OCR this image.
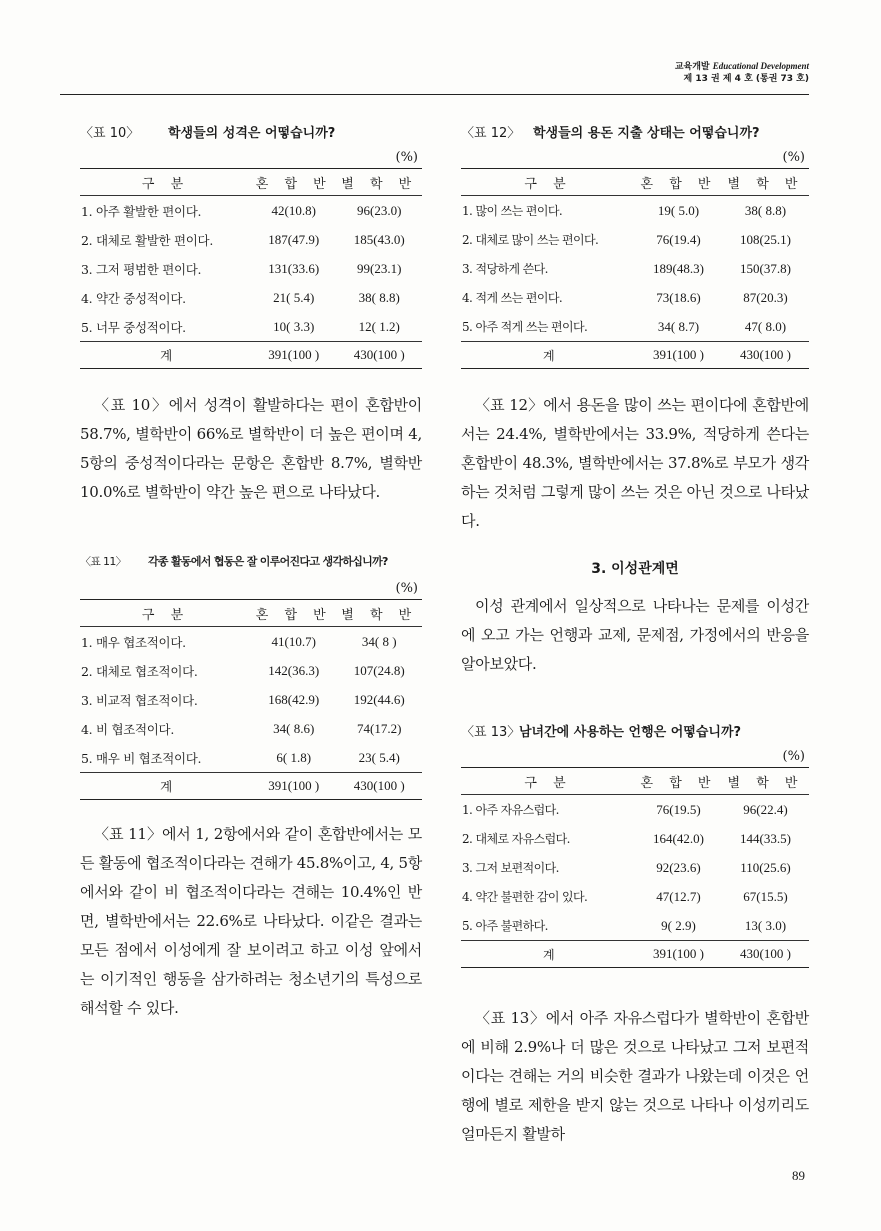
교육개발 Educational Development
제 13 권 제 4 호 (통권 73 호)
〈표 10〉 학생들의 성격은 어떻습니까?
(%)
구 분	혼 합 반	별 학 반
1. 아주 활발한 편이다.	42(10.8)	96(23.0)
2. 대체로 활발한 편이다.	187(47.9)	185(43.0)
3. 그저 평범한 편이다.	131(33.6)	99(23.1)
4. 약간 중성적이다.	21( 5.4)	38( 8.8)
5. 너무 중성적이다.	10( 3.3)	12( 1.2)
계	391(100 )	430(100 )

〈표 10〉에서 성격이 활발하다는 편이 혼합반이 58.7%, 별학반이 66%로 별학반이 더 높은 편이며 4, 5항의 중성적이다라는 문항은 혼합반 8.7%, 별학반 10.0%로 별학반이 약간 높은 편으로 나타났다.

〈표 11〉 각종 활동에서 협동은 잘 이루어진다고 생각하십니까?
(%)
구 분	혼 합 반	별 학 반
1. 매우 협조적이다.	41(10.7)	34( 8 )
2. 대체로 협조적이다.	142(36.3)	107(24.8)
3. 비교적 협조적이다.	168(42.9)	192(44.6)
4. 비 협조적이다.	34( 8.6)	74(17.2)
5. 매우 비 협조적이다.	6( 1.8)	23( 5.4)
계	391(100 )	430(100 )

〈표 11〉에서 1, 2항에서와 같이 혼합반에서는 모든 활동에 협조적이다라는 견해가 45.8%이고, 4, 5항에서와 같이 비 협조적이다라는 견해는 10.4%인 반면, 별학반에서는 22.6%로 나타났다. 이같은 결과는 모든 점에서 이성에게 잘 보이려고 하고 이성 앞에서는 이기적인 행동을 삼가하려는 청소년기의 특성으로 해석할 수 있다.

〈표 12〉 학생들의 용돈 지출 상태는 어떻습니까?
(%)
구 분	혼 합 반	별 학 반
1. 많이 쓰는 편이다.	19( 5.0)	38( 8.8)
2. 대체로 많이 쓰는 편이다.	76(19.4)	108(25.1)
3. 적당하게 쓴다.	189(48.3)	150(37.8)
4. 적게 쓰는 편이다.	73(18.6)	87(20.3)
5. 아주 적게 쓰는 편이다.	34( 8.7)	47( 8.0)
계	391(100 )	430(100 )

〈표 12〉에서 용돈을 많이 쓰는 편이다에 혼합반에서는 24.4%, 별학반에서는 33.9%, 적당하게 쓴다는 혼합반이 48.3%, 별학반에서는 37.8%로 부모가 생각하는 것처럼 그렇게 많이 쓰는 것은 아닌 것으로 나타났다.

3. 이성관계면

이성 관계에서 일상적으로 나타나는 문제를 이성간에 오고 가는 언행과 교제, 문제점, 가정에서의 반응을 알아보았다.

〈표 13〉남녀간에 사용하는 언행은 어떻습니까?
(%)
구 분	혼 합 반	별 학 반
1. 아주 자유스럽다.	76(19.5)	96(22.4)
2. 대체로 자유스럽다.	164(42.0)	144(33.5)
3. 그저 보편적이다.	92(23.6)	110(25.6)
4. 약간 불편한 감이 있다.	47(12.7)	67(15.5)
5. 아주 불편하다.	9( 2.9)	13( 3.0)
계	391(100 )	430(100 )

〈표 13〉에서 아주 자유스럽다가 별학반이 혼합반에 비해 2.9%나 더 많은 것으로 나타났고 그저 보편적이다는 견해는 거의 비슷한 결과가 나왔는데 이것은 언행에 별로 제한을 받지 않는 것으로 나타나 이성끼리도 얼마든지 활발하

89
